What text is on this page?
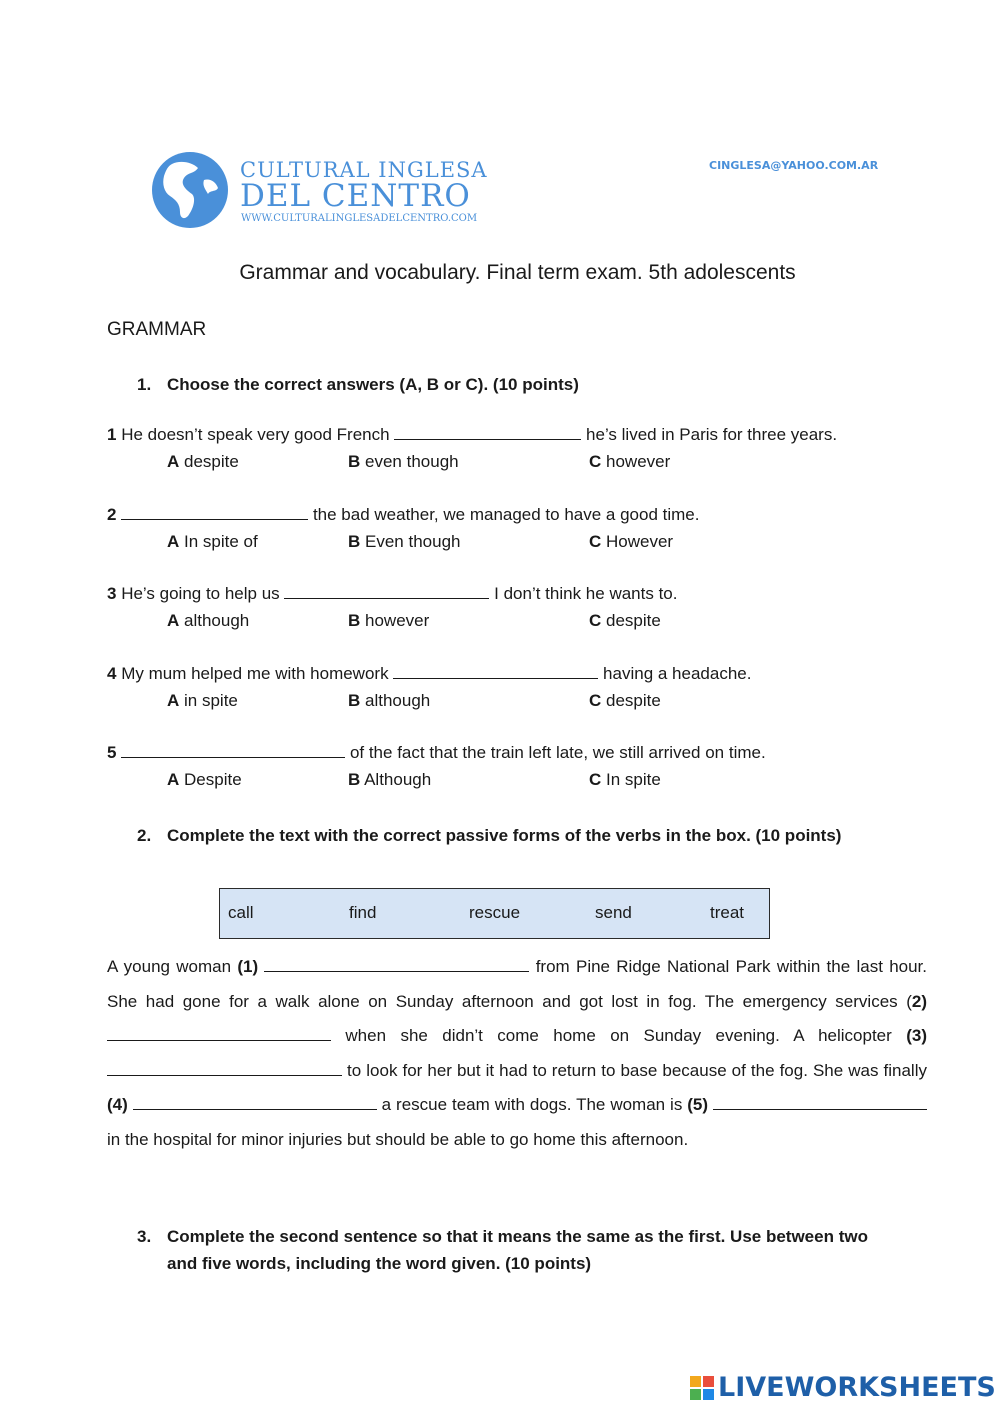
CULTURAL INGLESA
DEL CENTRO
WWW.CULTURALINGLESADELCENTRO.COM
CINGLESA@YAHOO.COM.AR
Grammar and vocabulary. Final term exam. 5th adolescents
GRAMMAR
1. Choose the correct answers (A, B or C). (10 points)
1 He doesn’t speak very good French	he’s lived in Paris for three years.
A despite	B even though	C however
2	the bad weather, we managed to have a good time.
A In spite of	B Even though	C However
3 He’s going to help us	I don’t think he wants to.
A although	B however	C despite
4 My mum helped me with homework	having a headache.
A in spite	B although	C despite
5	of the fact that the train left late, we still arrived on time.
A Despite	B Although	C In spite
2. Complete the text with the correct passive forms of the verbs in the box. (10 points)
call	find	rescue	send	treat
A young woman (1)	from Pine Ridge National Park within the last hour. She had gone for a walk alone on Sunday afternoon and got lost in fog. The emergency services (2)  when she didn’t come home on Sunday evening. A helicopter (3)  to look for her but it had to return to base because of the fog. She was finally (4)	a rescue team with dogs. The woman is (5)  in the hospital for minor injuries but should be able to go home this afternoon.
3. Complete the second sentence so that it means the same as the first. Use between two and five words, including the word given. (10 points)
LIVEWORKSHEETS
